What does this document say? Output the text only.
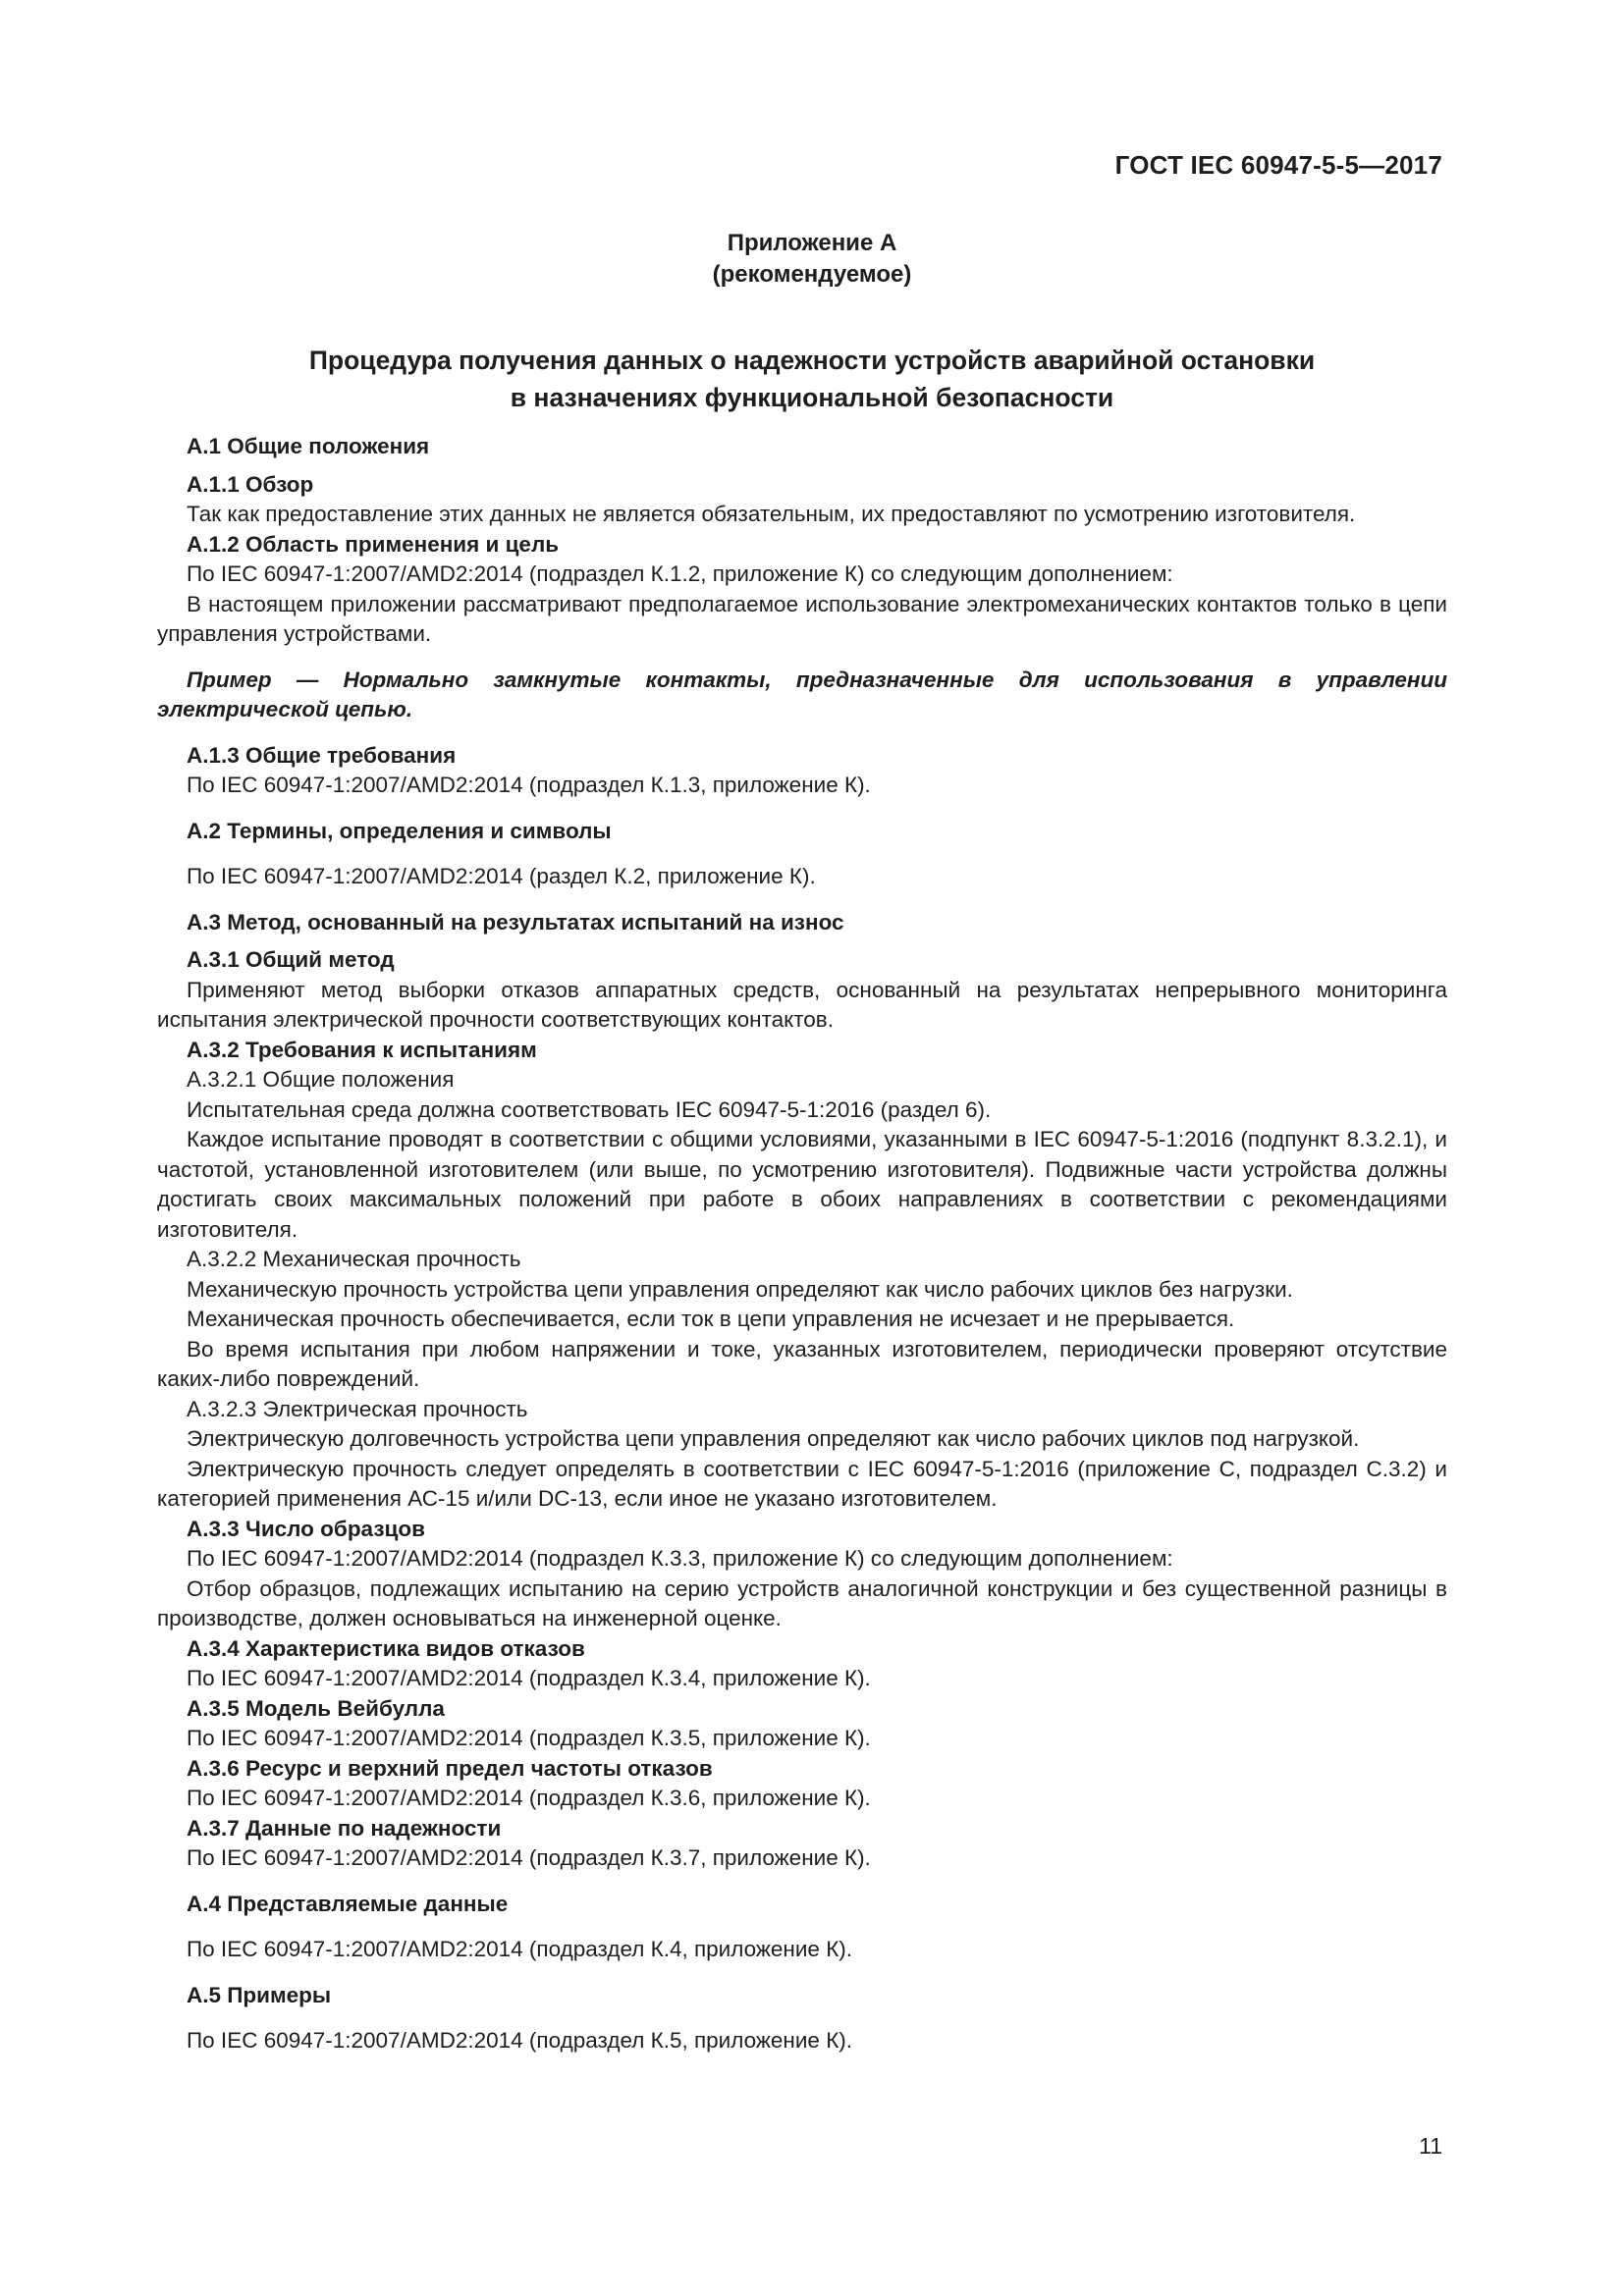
ГОСТ IEC 60947-5-5—2017
Приложение А
(рекомендуемое)
Процедура получения данных о надежности устройств аварийной остановки
в назначениях функциональной безопасности

А.1 Общие положения

А.1.1 Обзор

Так как предоставление этих данных не является обязательным, их предоставляют по усмотрению изготовителя.

А.1.2 Область применения и цель

По IEC 60947-1:2007/AMD2:2014 (подраздел К.1.2, приложение К) со следующим дополнением:

В настоящем приложении рассматривают предполагаемое использование электромеханических контактов только в цепи управления устройствами.

Пример — Нормально замкнутые контакты, предназначенные для использования в управлении электрической цепью.

А.1.3 Общие требования

По IEC 60947-1:2007/AMD2:2014 (подраздел К.1.3, приложение К).

А.2 Термины, определения и символы

По IEC 60947-1:2007/AMD2:2014 (раздел К.2, приложение К).

А.3 Метод, основанный на результатах испытаний на износ

А.3.1 Общий метод

Применяют метод выборки отказов аппаратных средств, основанный на результатах непрерывного мониторинга испытания электрической прочности соответствующих контактов.

А.3.2 Требования к испытаниям

А.3.2.1 Общие положения

Испытательная среда должна соответствовать IEC 60947-5-1:2016 (раздел 6).

Каждое испытание проводят в соответствии с общими условиями, указанными в IEC 60947-5-1:2016 (подпункт 8.3.2.1), и частотой, установленной изготовителем (или выше, по усмотрению изготовителя). Подвижные части устройства должны достигать своих максимальных положений при работе в обоих направлениях в соответствии с рекомендациями изготовителя.

А.3.2.2 Механическая прочность

Механическую прочность устройства цепи управления определяют как число рабочих циклов без нагрузки.

Механическая прочность обеспечивается, если ток в цепи управления не исчезает и не прерывается.

Во время испытания при любом напряжении и токе, указанных изготовителем, периодически проверяют отсутствие каких-либо повреждений.

А.3.2.3 Электрическая прочность

Электрическую долговечность устройства цепи управления определяют как число рабочих циклов под нагрузкой.

Электрическую прочность следует определять в соответствии с IEC 60947-5-1:2016 (приложение С, подраздел С.3.2) и категорией применения АС-15 и/или DC-13, если иное не указано изготовителем.

А.3.3 Число образцов

По IEC 60947-1:2007/AMD2:2014 (подраздел К.3.3, приложение К) со следующим дополнением:

Отбор образцов, подлежащих испытанию на серию устройств аналогичной конструкции и без существенной разницы в производстве, должен основываться на инженерной оценке.

А.3.4 Характеристика видов отказов

По IEC 60947-1:2007/AMD2:2014 (подраздел К.3.4, приложение К).

А.3.5 Модель Вейбулла

По IEC 60947-1:2007/AMD2:2014 (подраздел К.3.5, приложение К).

А.3.6 Ресурс и верхний предел частоты отказов

По IEC 60947-1:2007/AMD2:2014 (подраздел К.3.6, приложение К).

А.3.7 Данные по надежности

По IEC 60947-1:2007/AMD2:2014 (подраздел К.3.7, приложение К).

А.4 Представляемые данные

По IEC 60947-1:2007/AMD2:2014 (подраздел К.4, приложение К).

А.5 Примеры

По IEC 60947-1:2007/AMD2:2014 (подраздел К.5, приложение К).

11
